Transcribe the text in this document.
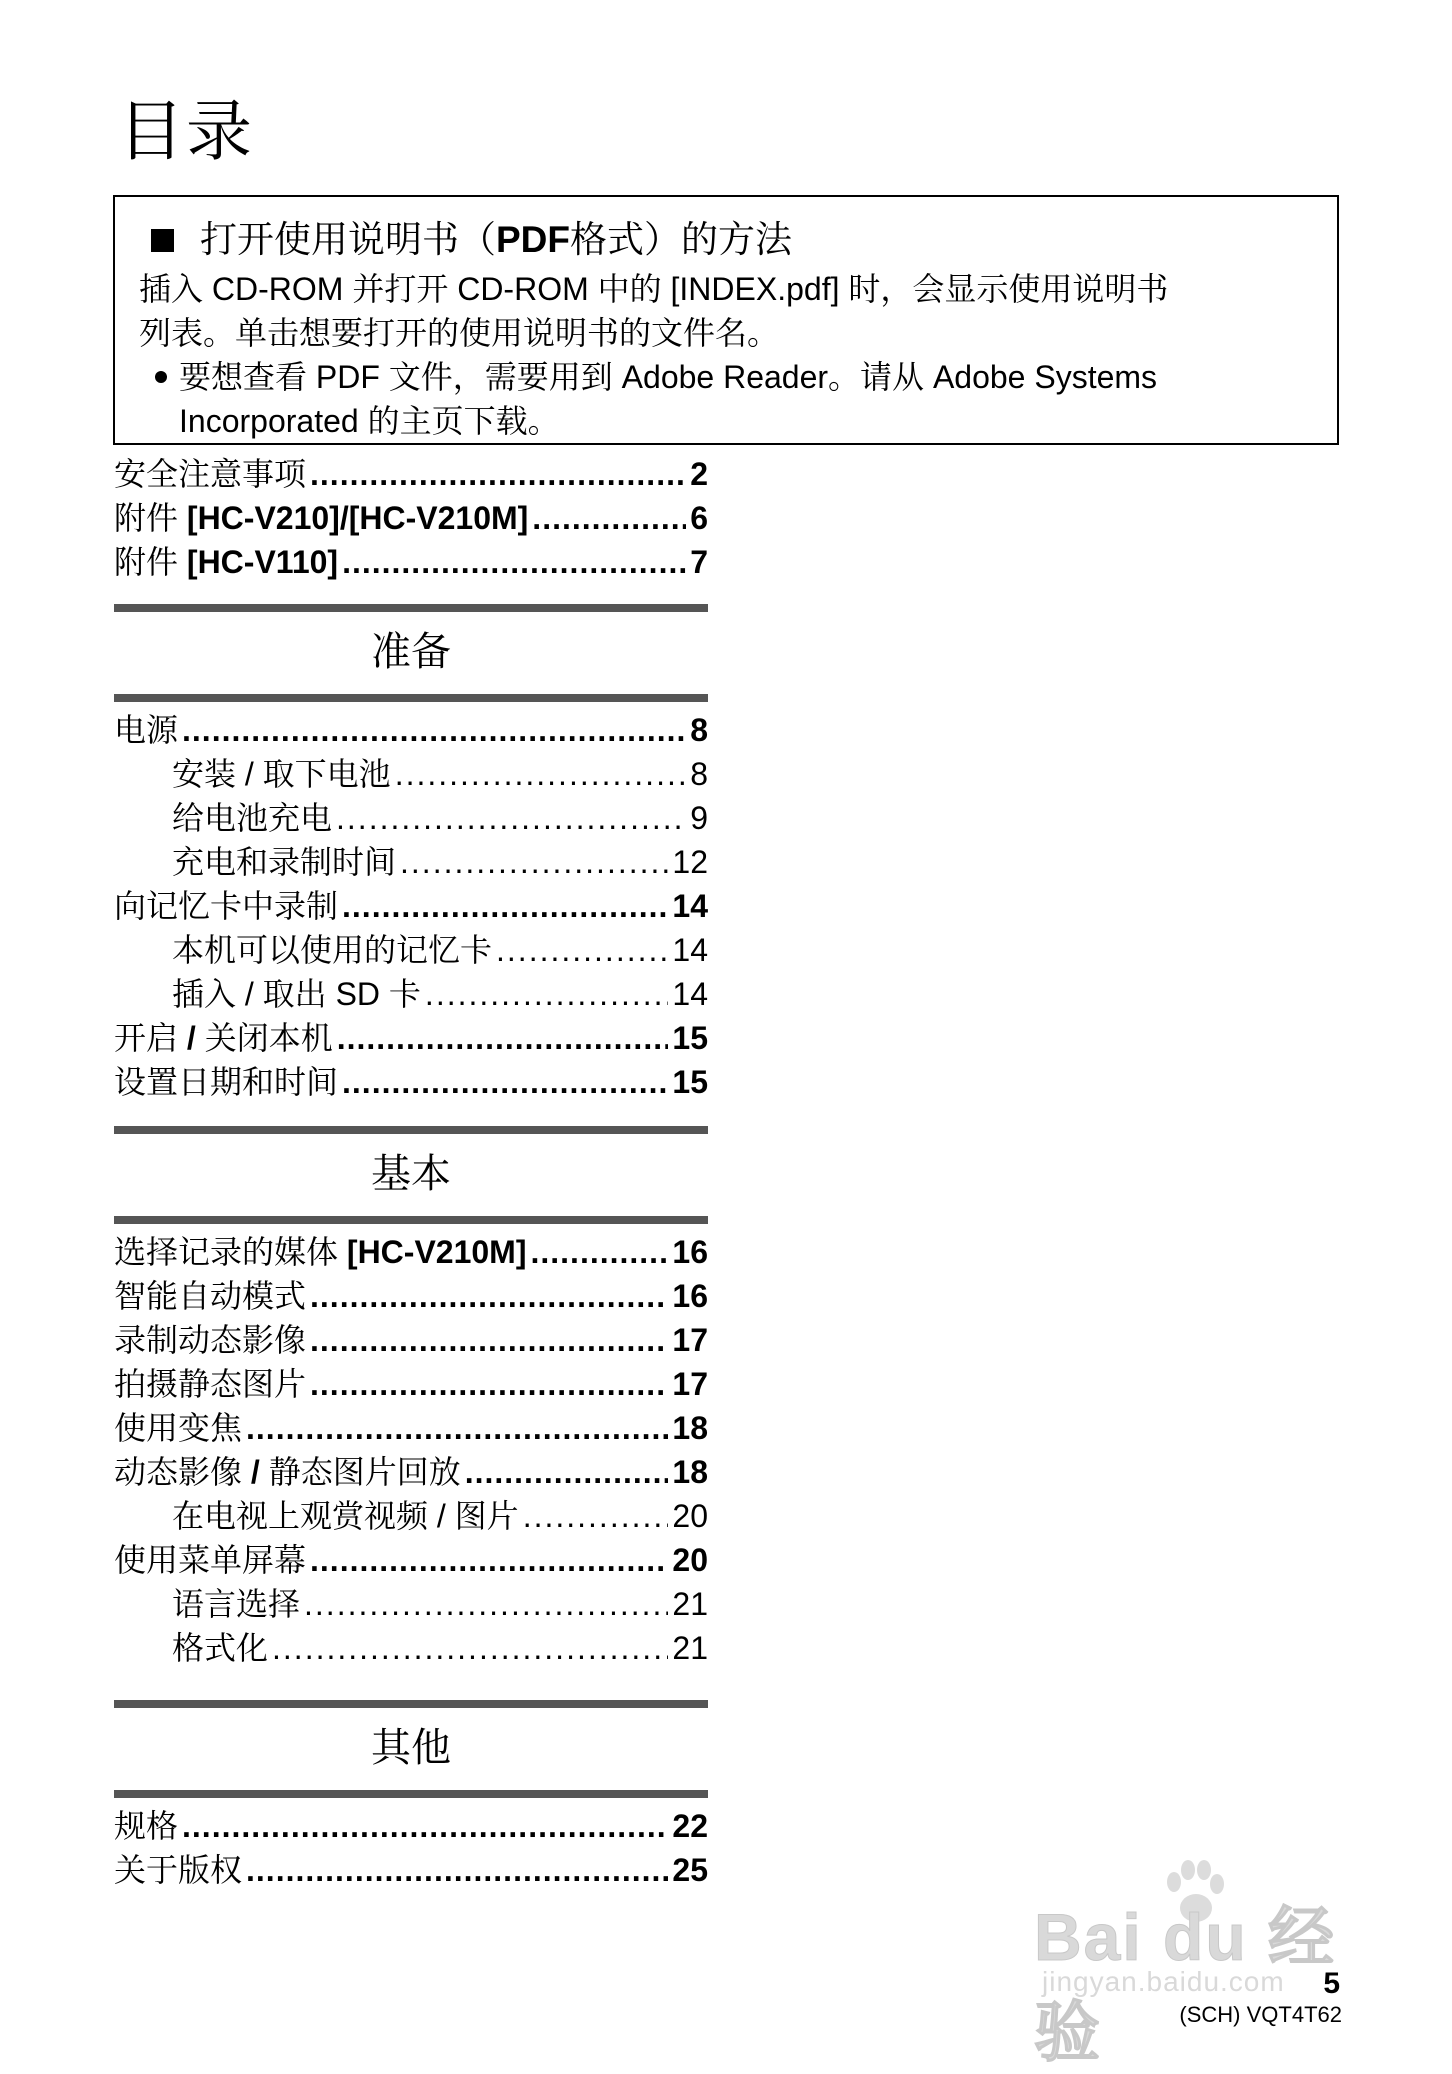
目录
打开使用说明书（ PDF 格式）的方法

插入 CD-ROM 并打开 CD-ROM 中的 [INDEX.pdf] 时，会显示使用说明书

列表。单击想要打开的使用说明书的文件名。

要想查看 PDF 文件，需要用到 Adobe Reader。请从 Adobe Systems

Incorporated 的主页下载。

安全注意事项 .....	2
附件 [HC-V210]/[HC-V210M] .....	6
附件 [HC-V110] .....	7
准备
电源 .....	8
安装 / 取下电池 .....	8
给电池充电 .....	9
充电和录制时间 .....	12
向记忆卡中录制 .....	14
本机可以使用的记忆卡 .....	14
插入 / 取出 SD 卡 .....	14
开启 / 关闭本机 .....	15
设置日期和时间 .....	15
基本
选择记录的媒体 [HC-V210M] .....	16
智能自动模式 .....	16
录制动态影像 .....	17
拍摄静态图片 .....	17
使用变焦 .....	18
动态影像 / 静态图片回放 .....	18
在电视上观赏视频 / 图片 .....	20
使用菜单屏幕 .....	20
语言选择 .....	21
格式化 .....	21
其他
规格 .....	22
关于版权 .....	25
Bai du 经验
jingyan.baidu.com 5
(SCH) VQT4T62
